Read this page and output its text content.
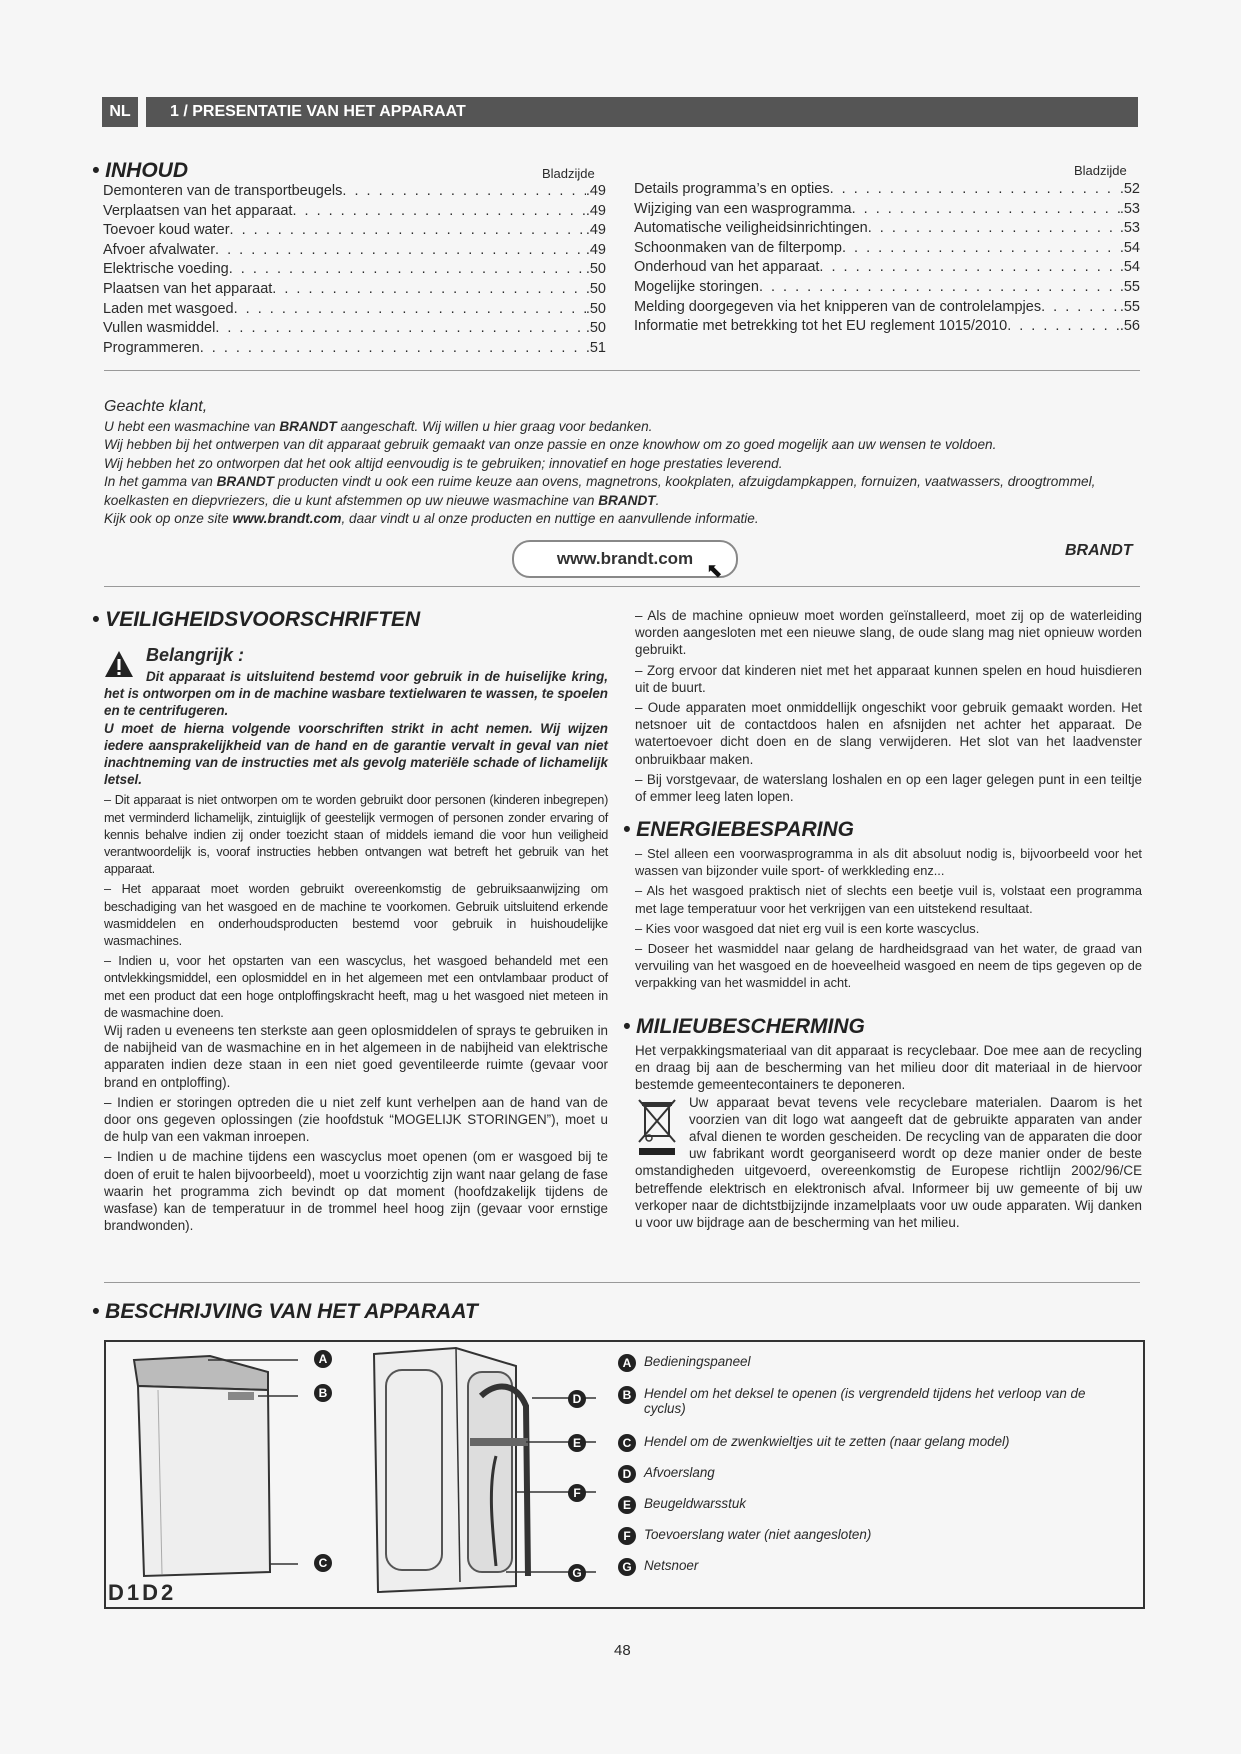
NL	1 / PRESENTATIE VAN HET APPARAAT
• INHOUD	Bladzijde	Bladzijde
Demonteren van de transportbeugels . . .	.49
Verplaatsen van het apparaat . . .	.49
Toevoer koud water . . .	.49
Afvoer afvalwater . . .	.49
Elektrische voeding . . .	.50
Plaatsen van het apparaat . . .	.50
Laden met wasgoed . . .	.50
Vullen wasmiddel . . .	.50
Programmeren . . .	.51
Details programma’s en opties . . .	.52
Wijziging van een wasprogramma . . .	.53
Automatische veiligheidsinrichtingen . . .	.53
Schoonmaken van de filterpomp . . .	.54
Onderhoud van het apparaat . . .	.54
Mogelijke storingen . . .	.55
Melding doorgegeven via het knipperen van de controlelampjes . . .	.55
Informatie met betrekking tot het EU reglement 1015/2010 . . .	.56

Geachte klant,

U hebt een wasmachine van BRANDT aangeschaft. Wij willen u hier graag voor bedanken.

Wij hebben bij het ontwerpen van dit apparaat gebruik gemaakt van onze passie en onze knowhow om zo goed mogelijk aan uw wensen te voldoen.

Wij hebben het zo ontworpen dat het ook altijd eenvoudig is te gebruiken; innovatief en hoge prestaties leverend.

In het gamma van BRANDT producten vindt u ook een ruime keuze aan ovens, magnetrons, kookplaten, afzuigdampkappen, fornuizen, vaatwassers, droogtrommel, koelkasten en diepvriezers, die u kunt afstemmen op uw nieuwe wasmachine van BRANDT.

Kijk ook op onze site www.brandt.com, daar vindt u al onze producten en nuttige en aanvullende informatie.

www.brandt.com
⬉
BRANDT
• VEILIGHEIDSVOORSCHRIFTEN
Belangrijk :

Dit apparaat is uitsluitend bestemd voor gebruik in de huiselijke kring, het is ontworpen om in de machine wasbare textielwaren te wassen, te spoelen en te centrifugeren.

U moet de hierna volgende voorschriften strikt in acht nemen. Wij wijzen iedere aansprakelijkheid van de hand en de garantie vervalt in geval van niet inachtneming van de instructies met als gevolg materiële schade of lichamelijk letsel.

– Dit apparaat is niet ontworpen om te worden gebruikt door personen (kinderen inbegrepen) met verminderd lichamelijk, zintuiglijk of geestelijk vermogen of personen zonder ervaring of kennis behalve indien zij onder toezicht staan of middels iemand die voor hun veiligheid verantwoordelijk is, vooraf instructies hebben ontvangen wat betreft het gebruik van het apparaat.

– Het apparaat moet worden gebruikt overeenkomstig de gebruiksaanwijzing om beschadiging van het wasgoed en de machine te voorkomen. Gebruik uitsluitend erkende wasmiddelen en onderhoudsproducten bestemd voor gebruik in huishoudelijke wasmachines.

– Indien u, voor het opstarten van een wascyclus, het wasgoed behandeld met een ontvlekkingsmiddel, een oplosmiddel en in het algemeen met een ontvlambaar product of met een product dat een hoge ontploffingskracht heeft, mag u het wasgoed niet meteen in de wasmachine doen.

Wij raden u eveneens ten sterkste aan geen oplosmiddelen of sprays te gebruiken in de nabijheid van de wasmachine en in het algemeen in de nabijheid van elektrische apparaten indien deze staan in een niet goed geventileerde ruimte (gevaar voor brand en ontploffing).

– Indien er storingen optreden die u niet zelf kunt verhelpen aan de hand van de door ons gegeven oplossingen (zie hoofdstuk “MOGELIJK STORINGEN”), moet u de hulp van een vakman inroepen.

– Indien u de machine tijdens een wascyclus moet openen (om er wasgoed bij te doen of eruit te halen bijvoorbeeld), moet u voorzichtig zijn want naar gelang de fase waarin het programma zich bevindt op dat moment (hoofdzakelijk tijdens de wasfase) kan de temperatuur in de trommel heel hoog zijn (gevaar voor ernstige brandwonden).

– Als de machine opnieuw moet worden geïnstalleerd, moet zij op de waterleiding worden aangesloten met een nieuwe slang, de oude slang mag niet opnieuw worden gebruikt.

– Zorg ervoor dat kinderen niet met het apparaat kunnen spelen en houd huisdieren uit de buurt.

– Oude apparaten moet onmiddellijk ongeschikt voor gebruik gemaakt worden. Het netsnoer uit de contactdoos halen en afsnijden net achter het apparaat. De watertoevoer dicht doen en de slang verwijderen. Het slot van het laadvenster onbruikbaar maken.

– Bij vorstgevaar, de waterslang loshalen en op een lager gelegen punt in een teiltje of emmer leeg laten lopen.

• ENERGIEBESPARING

– Stel alleen een voorwasprogramma in als dit absoluut nodig is, bijvoorbeeld voor het wassen van bijzonder vuile sport- of werkkleding enz...

– Als het wasgoed praktisch niet of slechts een beetje vuil is, volstaat een programma met lage temperatuur voor het verkrijgen van een uitstekend resultaat.

– Kies voor wasgoed dat niet erg vuil is een korte wascyclus.

– Doseer het wasmiddel naar gelang de hardheidsgraad van het water, de graad van vervuiling van het wasgoed en de hoeveelheid wasgoed en neem de tips gegeven op de verpakking van het wasmiddel in acht.

• MILIEUBESCHERMING

Het verpakkingsmateriaal van dit apparaat is recyclebaar. Doe mee aan de recycling en draag bij aan de bescherming van het milieu door dit materiaal in de hiervoor bestemde gemeentecontainers te deponeren.

Uw apparaat bevat tevens vele recyclebare materialen. Daarom is het voorzien van dit logo wat aangeeft dat de gebruikte apparaten van ander afval dienen te worden gescheiden. De recycling van de apparaten die door uw fabrikant wordt georganiseerd wordt op deze manier onder de beste omstandigheden uitgevoerd, overeenkomstig de Europese richtlijn 2002/96/CE betreffende elektrisch en elektronisch afval. Informeer bij uw gemeente of bij uw verkoper naar de dichtstbijzijnde inzamelplaats voor uw oude apparaten. Wij danken u voor uw bijdrage aan de bescherming van het milieu.

• BESCHRIJVING VAN HET APPARAAT
A
B
C
D
E
F
G
D1D2
A Bedieningspaneel
B Hendel om het deksel te openen (is vergrendeld tijdens het verloop van de cyclus)
C Hendel om de zwenkwieltjes uit te zetten (naar gelang model)
D Afvoerslang
E Beugeldwarsstuk
F Toevoerslang water (niet aangesloten)
G Netsnoer
48
